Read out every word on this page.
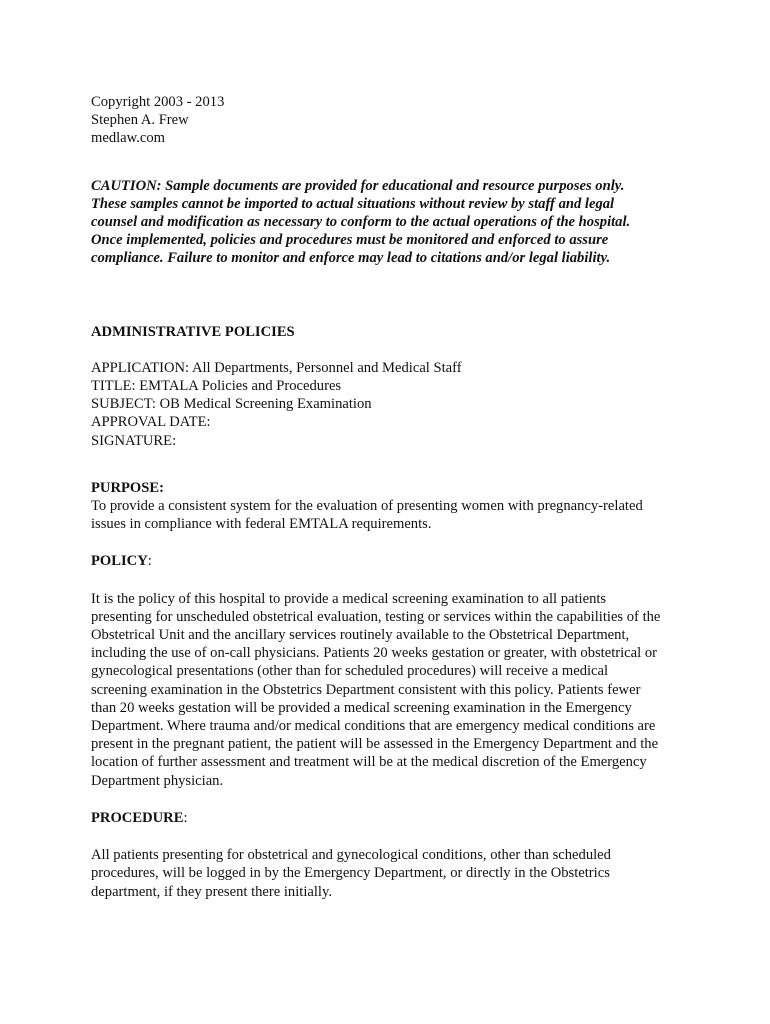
Copyright 2003 - 2013
Stephen A. Frew
medlaw.com
CAUTION: Sample documents are provided for educational and resource purposes only.
These samples cannot be imported to actual situations without review by staff and legal
counsel and modification as necessary to conform to the actual operations of the hospital.
Once implemented, policies and procedures must be monitored and enforced to assure
compliance. Failure to monitor and enforce may lead to citations and/or legal liability.
ADMINISTRATIVE POLICIES
APPLICATION: All Departments, Personnel and Medical Staff
TITLE: EMTALA Policies and Procedures
SUBJECT: OB Medical Screening Examination
APPROVAL DATE:
SIGNATURE:
PURPOSE:
To provide a consistent system for the evaluation of presenting women with pregnancy-related
issues in compliance with federal EMTALA requirements.
POLICY:
It is the policy of this hospital to provide a medical screening examination to all patients
presenting for unscheduled obstetrical evaluation, testing or services within the capabilities of the
Obstetrical Unit and the ancillary services routinely available to the Obstetrical Department,
including the use of on-call physicians. Patients 20 weeks gestation or greater, with obstetrical or
gynecological presentations (other than for scheduled procedures) will receive a medical
screening examination in the Obstetrics Department consistent with this policy. Patients fewer
than 20 weeks gestation will be provided a medical screening examination in the Emergency
Department. Where trauma and/or medical conditions that are emergency medical conditions are
present in the pregnant patient, the patient will be assessed in the Emergency Department and the
location of further assessment and treatment will be at the medical discretion of the Emergency
Department physician.
PROCEDURE:
All patients presenting for obstetrical and gynecological conditions, other than scheduled
procedures, will be logged in by the Emergency Department, or directly in the Obstetrics
department, if they present there initially.
